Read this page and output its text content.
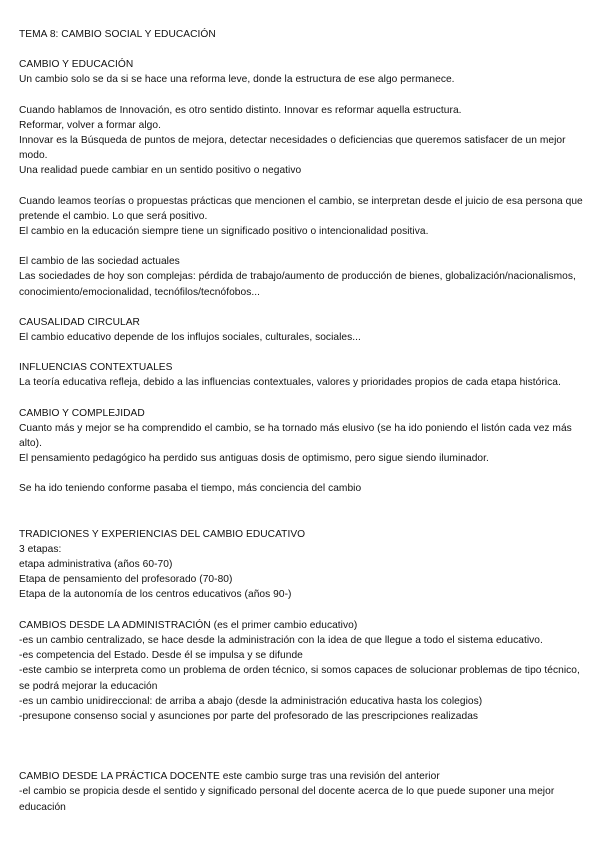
TEMA 8: CAMBIO SOCIAL Y EDUCACIÓN
CAMBIO Y EDUCACIÓN
Un cambio solo se da si se hace una reforma leve, donde la estructura de ese algo permanece.
Cuando hablamos de Innovación, es otro sentido distinto. Innovar es reformar aquella estructura.
Reformar, volver a formar algo.
Innovar es la Búsqueda de puntos de mejora, detectar necesidades o deficiencias que queremos satisfacer de un mejor modo.
Una realidad puede cambiar en un sentido positivo o negativo
Cuando leamos teorías o propuestas prácticas que mencionen el cambio, se interpretan desde el juicio de esa persona que pretende el cambio. Lo que será positivo.
El cambio en la educación siempre tiene un significado positivo o intencionalidad positiva.
El cambio de las sociedad actuales
Las sociedades de hoy son complejas: pérdida de trabajo/aumento de producción de bienes, globalización/nacionalismos, conocimiento/emocionalidad, tecnófilos/tecnófobos...
CAUSALIDAD CIRCULAR
El cambio educativo depende de los influjos sociales, culturales, sociales...
INFLUENCIAS CONTEXTUALES
La teoría educativa refleja, debido a las influencias contextuales, valores y prioridades propios de cada etapa histórica.
CAMBIO Y COMPLEJIDAD
Cuanto más y mejor se ha comprendido el cambio, se ha tornado más elusivo (se ha ido poniendo el listón cada vez más alto).
El pensamiento pedagógico ha perdido sus antiguas dosis de optimismo, pero sigue siendo iluminador.
Se ha ido teniendo conforme pasaba el tiempo, más conciencia del cambio
TRADICIONES Y EXPERIENCIAS DEL CAMBIO EDUCATIVO
3 etapas:
etapa administrativa (años 60-70)
Etapa de pensamiento del profesorado (70-80)
Etapa de la autonomía de los centros educativos (años 90-)
CAMBIOS DESDE LA ADMINISTRACIÓN (es el primer cambio educativo)
-es un cambio centralizado, se hace desde la administración con la idea de que llegue a todo el sistema educativo.
-es competencia del Estado. Desde él se impulsa y se difunde
-este cambio se interpreta como un problema de orden técnico, si somos capaces de solucionar problemas de tipo técnico, se podrá mejorar la educación
-es un cambio unidireccional: de arriba a abajo (desde la administración educativa hasta los colegios)
-presupone consenso social y asunciones por parte del profesorado de las prescripciones realizadas
CAMBIO DESDE LA PRÁCTICA DOCENTE este cambio surge tras una revisión del anterior
-el cambio se propicia desde el sentido y significado personal del docente acerca de lo que puede suponer una mejor educación
